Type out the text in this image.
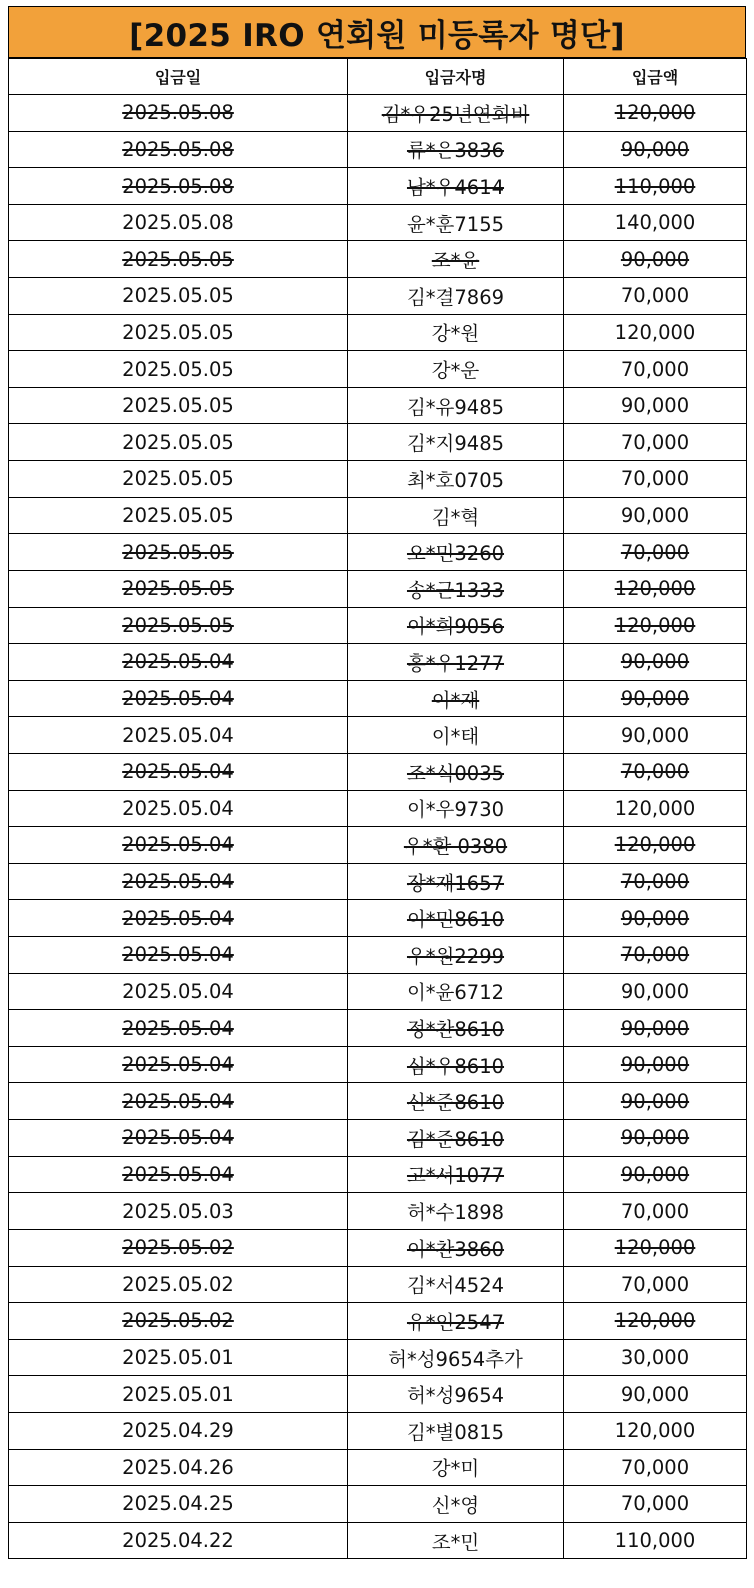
[2025 IRO 연회원 미등록자 명단]
입금일	입금자명	입금액
2025.05.08	김*우25년연회비	120,000
2025.05.08	류*은3836	90,000
2025.05.08	남*우4614	110,000
2025.05.08	윤*훈7155	140,000
2025.05.05	조*윤	90,000
2025.05.05	김*결7869	70,000
2025.05.05	강*원	120,000
2025.05.05	강*운	70,000
2025.05.05	김*유9485	90,000
2025.05.05	김*지9485	70,000
2025.05.05	최*호0705	70,000
2025.05.05	김*혁	90,000
2025.05.05	오*민3260	70,000
2025.05.05	송*근1333	120,000
2025.05.05	이*희9056	120,000
2025.05.04	홍*우1277	90,000
2025.05.04	이*재	90,000
2025.05.04	이*태	90,000
2025.05.04	조*식0035	70,000
2025.05.04	이*우9730	120,000
2025.05.04	우*환 0380	120,000
2025.05.04	장*재1657	70,000
2025.05.04	이*민8610	90,000
2025.05.04	우*원2299	70,000
2025.05.04	이*윤6712	90,000
2025.05.04	정*찬8610	90,000
2025.05.04	심*우8610	90,000
2025.05.04	신*준8610	90,000
2025.05.04	김*준8610	90,000
2025.05.04	고*서1077	90,000
2025.05.03	허*수1898	70,000
2025.05.02	이*찬3860	120,000
2025.05.02	김*서4524	70,000
2025.05.02	유*인2547	120,000
2025.05.01	허*성9654추가	30,000
2025.05.01	허*성9654	90,000
2025.04.29	김*별0815	120,000
2025.04.26	강*미	70,000
2025.04.25	신*영	70,000
2025.04.22	조*민	110,000
